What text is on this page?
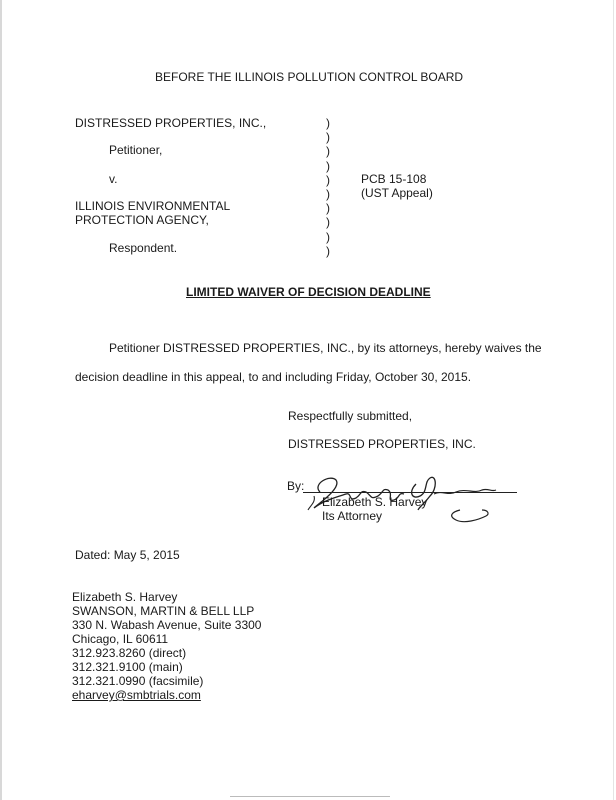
BEFORE THE ILLINOIS POLLUTION CONTROL BOARD
DISTRESSED PROPERTIES, INC.,
Petitioner,
v.
ILLINOIS ENVIRONMENTAL
PROTECTION AGENCY,
Respondent.
)
)
)
)
)
)
)
)
)
)
PCB 15-108
(UST Appeal)
LIMITED WAIVER OF DECISION DEADLINE
Petitioner DISTRESSED PROPERTIES, INC., by its attorneys, hereby waives the
decision deadline in this appeal, to and including Friday, October 30, 2015.
Respectfully submitted,
DISTRESSED PROPERTIES, INC.
By:
Elizabeth S. Harvey
Its Attorney
Dated: May 5, 2015
Elizabeth S. Harvey
SWANSON, MARTIN & BELL LLP
330 N. Wabash Avenue, Suite 3300
Chicago, IL 60611
312.923.8260 (direct)
312.321.9100 (main)
312.321.0990 (facsimile)
eharvey@smbtrials.com
